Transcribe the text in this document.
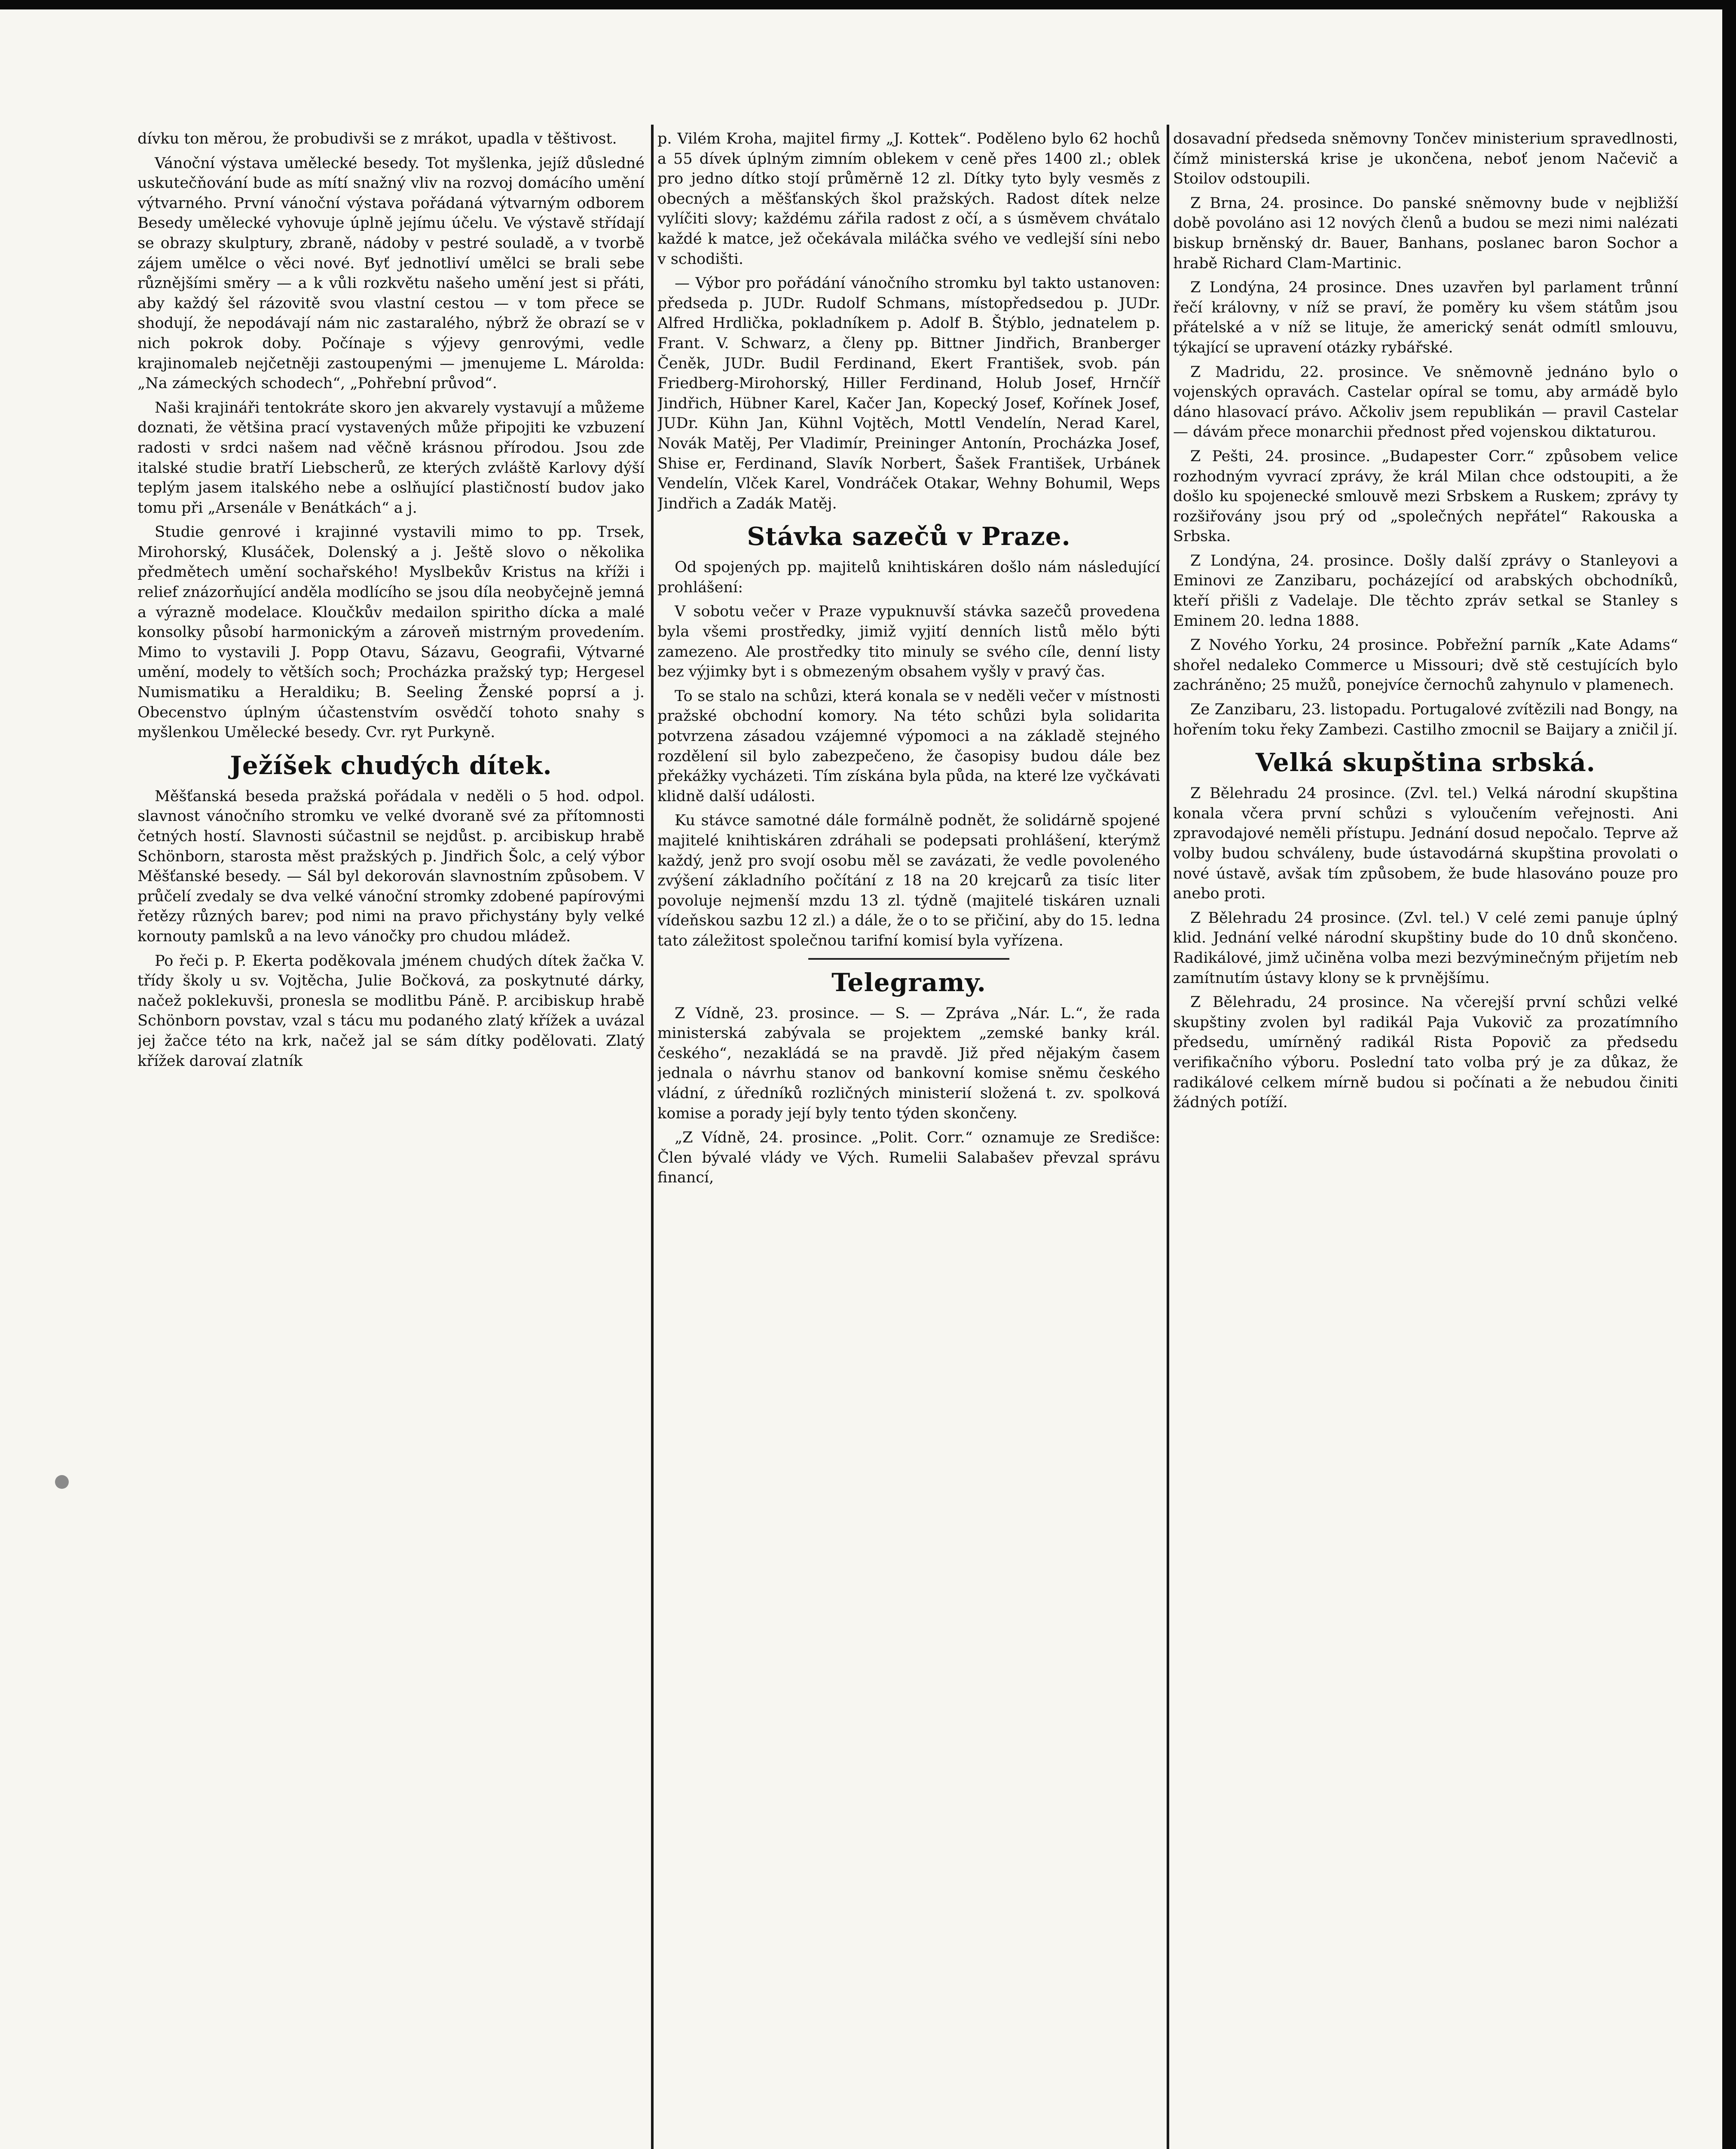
dívku ton měrou, že probudivši se z mrákot, upadla v těštivost.

Vánoční výstava umělecké besedy. Tot myšlenka, jejíž důsledné uskutečňování bude as mítí snažný vliv na rozvoj domácího umění výtvarného. První vánoční výstava pořádaná výtvarným odborem Besedy umělecké vyhovuje úplně jejímu účelu. Ve výstavě střídají se obrazy skulptury, zbraně, nádoby v pestré souladě, a v tvorbě zájem umělce o věci nové. Byť jednotliví umělci se brali sebe různějšími směry — a k vůli rozkvětu našeho umění jest si přáti, aby každý šel rázovitě svou vlastní cestou — v tom přece se shodují, že nepodávají nám nic zastaralého, nýbrž že obrazí se v nich pokrok doby. Počínaje s výjevy genrovými, vedle krajinomaleb nejčetněji zastoupenými — jmenujeme L. Márolda: „Na zámeckých schodech“, „Pohřební průvod“.

Naši krajináři tentokráte skoro jen akvarely vystavují a můžeme doznati, že většina prací vystavených může připojiti ke vzbuzení radosti v srdci našem nad věčně krásnou přírodou. Jsou zde italské studie bratří Liebscherů, ze kterých zvláště Karlovy dýší teplým jasem italského nebe a oslňující plastičností budov jako tomu při „Arsenále v Benátkách“ a j.

Studie genrové i krajinné vystavili mimo to pp. Trsek, Mirohorský, Klusáček, Dolenský a j. Ještě slovo o několika předmětech umění sochařského! Myslbekův Kristus na kříži i relief znázorňující anděla modlícího se jsou díla neobyčejně jemná a výrazně modelace. Kloučkův medailon spiritho dícka a malé konsolky působí harmonickým a zároveň mistrným provedením. Mimo to vystavili J. Popp Otavu, Sázavu, Geografii, Výtvarné umění, modely to větších soch; Procházka pražský typ; Hergesel Numismatiku a Heraldiku; B. Seeling Ženské poprsí a j. Obecenstvo úplným účastenstvím osvědčí tohoto snahy s myšlenkou Umělecké besedy. Cvr. ryt Purkyně.

Ježíšek chudých dítek.

Měšťanská beseda pražská pořádala v neděli o 5 hod. odpol. slavnost vánočního stromku ve velké dvoraně své za přítomnosti četných hostí. Slavnosti súčastnil se nejdůst. p. arcibiskup hrabě Schönborn, starosta měst pražských p. Jindřich Šolc, a celý výbor Měšťanské besedy. — Sál byl dekorován slavnostním způsobem. V průčelí zvedaly se dva velké vánoční stromky zdobené papírovými řetězy různých barev; pod nimi na pravo přichystány byly velké kornouty pamlsků a na levo vánočky pro chudou mládež.

Po řeči p. P. Ekerta poděkovala jménem chudých dítek žačka V. třídy školy u sv. Vojtěcha, Julie Bočková, za poskytnuté dárky, načež poklekuvši, pronesla se modlitbu Páně. P. arcibiskup hrabě Schönborn povstav, vzal s tácu mu podaného zlatý křížek a uvázal jej žačce této na krk, načež jal se sám dítky podělovati. Zlatý křížek darovaí zlatník

p. Vilém Kroha, majitel firmy „J. Kottek“. Poděleno bylo 62 hochů a 55 dívek úplným zimním oblekem v ceně přes 1400 zl.; oblek pro jedno dítko stojí průměrně 12 zl. Dítky tyto byly vesměs z obecných a měšťanských škol pražských. Radost dítek nelze vylíčiti slovy; každému zářila radost z očí, a s úsměvem chvátalo každé k matce, jež očekávala miláčka svého ve vedlejší síni nebo v schodišti.

— Výbor pro pořádání vánočního stromku byl takto ustanoven: předseda p. JUDr. Rudolf Schmans, místopředsedou p. JUDr. Alfred Hrdlička, pokladníkem p. Adolf B. Štýblo, jednatelem p. Frant. V. Schwarz, a členy pp. Bittner Jindřich, Branberger Čeněk, JUDr. Budil Ferdinand, Ekert František, svob. pán Friedberg-Mirohorský, Hiller Ferdinand, Holub Josef, Hrnčíř Jindřich, Hübner Karel, Kačer Jan, Kopecký Josef, Kořínek Josef, JUDr. Kühn Jan, Kühnl Vojtěch, Mottl Vendelín, Nerad Karel, Novák Matěj, Per Vladimír, Preininger Antonín, Procházka Josef, Shise er, Ferdinand, Slavík Norbert, Šašek František, Urbánek Vendelín, Vlček Karel, Vondráček Otakar, Wehny Bohumil, Weps Jindřich a Zadák Matěj.

Stávka sazečů v Praze.

Od spojených pp. majitelů knihtiskáren došlo nám následující prohlášení:

V sobotu večer v Praze vypuknuvší stávka sazečů provedena byla všemi prostředky, jimiž vyjití denních listů mělo býti zamezeno. Ale prostředky tito minuly se svého cíle, denní listy bez výjimky byt i s obmezeným obsahem vyšly v pravý čas.

To se stalo na schůzi, která konala se v neděli večer v místnosti pražské obchodní komory. Na této schůzi byla solidarita potvrzena zásadou vzájemné výpomoci a na základě stejného rozdělení sil bylo zabezpečeno, že časopisy budou dále bez překážky vycházeti. Tím získána byla půda, na které lze vyčkávati klidně další události.

Ku stávce samotné dále formálně podnět, že solidárně spojené majitelé knihtiskáren zdráhali se podepsati prohlášení, kterýmž každý, jenž pro svojí osobu měl se zavázati, že vedle povoleného zvýšení základního počítání z 18 na 20 krejcarů za tisíc liter povoluje nejmenší mzdu 13 zl. týdně (majitelé tiskáren uznali vídeňskou sazbu 12 zl.) a dále, že o to se přičiní, aby do 15. ledna tato záležitost společnou tarifní komisí byla vyřízena.

Telegramy.

Z Vídně, 23. prosince. — S. — Zpráva „Nár. L.“, že rada ministerská zabývala se projektem „zemské banky král. českého“, nezakládá se na pravdě. Již před nějakým časem jednala o návrhu stanov od bankovní komise sněmu českého vládní, z úředníků rozličných ministerií složená t. zv. spolková komise a porady její byly tento týden skončeny.

„Z Vídně, 24. prosince. „Polit. Corr.“ oznamuje ze Središce: Člen bývalé vlády ve Vých. Rumelii Salabašev převzal správu financí,

dosavadní předseda sněmovny Tončev ministerium spravedlnosti, čímž ministerská krise je ukončena, neboť jenom Načevič a Stoilov odstoupili.

Z Brna, 24. prosince. Do panské sněmovny bude v nejbližší době povoláno asi 12 nových členů a budou se mezi nimi nalézati biskup brněnský dr. Bauer, Banhans, poslanec baron Sochor a hrabě Richard Clam-Martinic.

Z Londýna, 24 prosince. Dnes uzavřen byl parlament trůnní řečí královny, v níž se praví, že poměry ku všem státům jsou přátelské a v níž se lituje, že americký senát odmítl smlouvu, týkající se upravení otázky rybářské.

Z Madridu, 22. prosince. Ve sněmovně jednáno bylo o vojenských opravách. Castelar opíral se tomu, aby armádě bylo dáno hlasovací právo. Ačkoliv jsem republikán — pravil Castelar — dávám přece monarchii přednost před vojenskou diktaturou.

Z Pešti, 24. prosince. „Budapester Corr.“ způsobem velice rozhodným vyvrací zprávy, že král Milan chce odstoupiti, a že došlo ku spojenecké smlouvě mezi Srbskem a Ruskem; zprávy ty rozšiřovány jsou prý od „společných nepřátel“ Rakouska a Srbska.

Z Londýna, 24. prosince. Došly další zprávy o Stanleyovi a Eminovi ze Zanzibaru, pocházející od arabských obchodníků, kteří přišli z Vadelaje. Dle těchto zpráv setkal se Stanley s Eminem 20. ledna 1888.

Z Nového Yorku, 24 prosince. Pobřežní parník „Kate Adams“ shořel nedaleko Commerce u Missouri; dvě stě cestujících bylo zachráněno; 25 mužů, ponejvíce černochů zahynulo v plamenech.

Ze Zanzibaru, 23. listopadu. Portugalové zvítězili nad Bongy, na hořením toku řeky Zambezi. Castilho zmocnil se Baijary a zničil jí.

Velká skupština srbská.

Z Bělehradu 24 prosince. (Zvl. tel.) Velká národní skupština konala včera první schůzi s vyloučením veřejnosti. Ani zpravodajové neměli přístupu. Jednání dosud nepočalo. Teprve až volby budou schváleny, bude ústavodárná skupština provolati o nové ústavě, avšak tím způsobem, že bude hlasováno pouze pro anebo proti.

Z Bělehradu 24 prosince. (Zvl. tel.) V celé zemi panuje úplný klid. Jednání velké národní skupštiny bude do 10 dnů skončeno. Radikálové, jimž učiněna volba mezi bezvýminečným přijetím neb zamítnutím ústavy klony se k prvnějšímu.

Z Bělehradu, 24 prosince. Na včerejší první schůzi velké skupštiny zvolen byl radikál Paja Vukovič za prozatímního předsedu, umírněný radikál Rista Popovič za předsedu verifikačního výboru. Poslední tato volba prý je za důkaz, že radikálové celkem mírně budou si počínati a že nebudou činiti žádných potíží.
